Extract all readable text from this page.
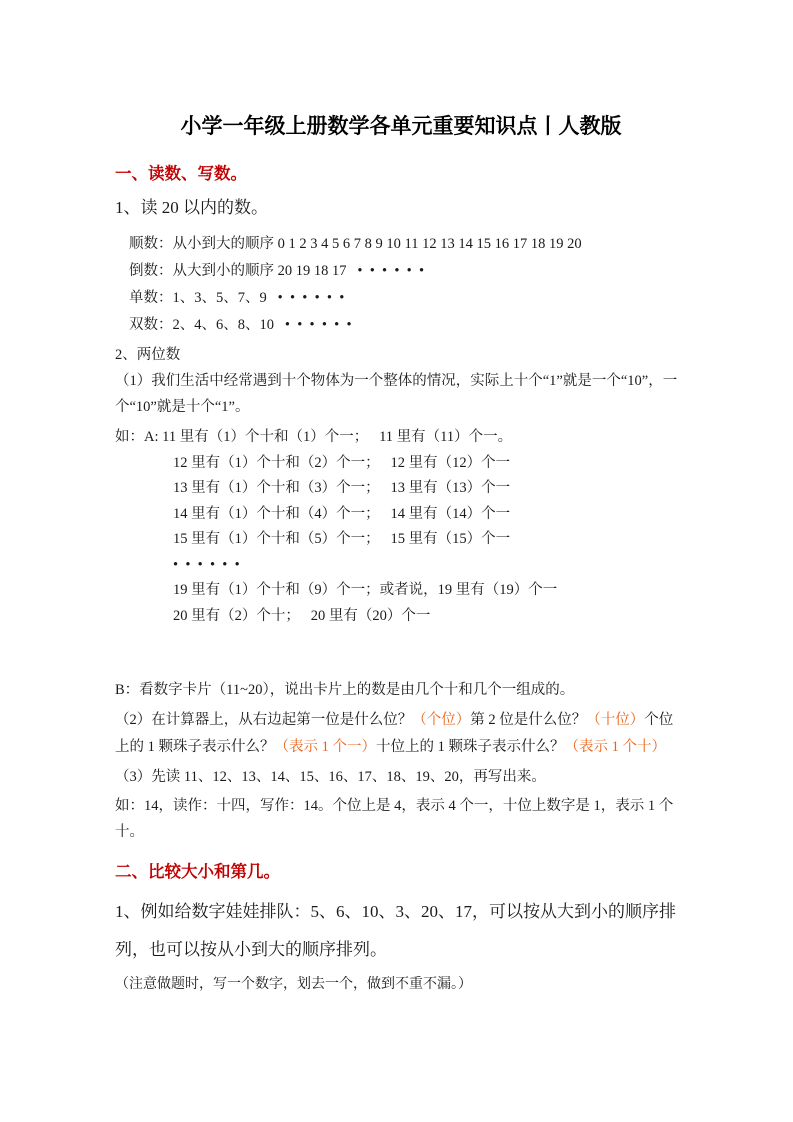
小学一年级上册数学各单元重要知识点丨人教版
一、读数、写数。

1、读 20 以内的数。

顺数：从小到大的顺序 0 1 2 3 4 5 6 7 8 9 10 11 12 13 14 15 16 17 18 19 20

倒数：从大到小的顺序 20 19 18 17   •  •  •  •  •  •

单数：1、3、5、7、9   •  •  •  •  •  •

双数：2、4、6、8、10   •  •  •  •  •  •

2、两位数

（1）我们生活中经常遇到十个物体为一个整体的情况，实际上十个“1”就是一个“10”，一个“10”就是十个“1”。

如：A: 11 里有（1）个十和（1）个一；   11 里有（11）个一。

12 里有（1）个十和（2）个一；   12 里有（12）个一

13 里有（1）个十和（3）个一；   13 里有（13）个一

14 里有（1）个十和（4）个一；   14 里有（14）个一

15 里有（1）个十和（5）个一；   15 里有（15）个一

•  •  •  •  •  •

19 里有（1）个十和（9）个一；或者说，19 里有（19）个一

20 里有（2）个十；   20 里有（20）个一

B：看数字卡片（11~20），说出卡片上的数是由几个十和几个一组成的。

（2）在计算器上，从右边起第一位是什么位？（个位）第 2 位是什么位？（十位）个位上的 1 颗珠子表示什么？（表示 1 个一）十位上的 1 颗珠子表示什么？（表示 1 个十）

（3）先读 11、12、13、14、15、16、17、18、19、20，再写出来。

如：14，读作：十四，写作：14。个位上是 4，表示 4 个一，十位上数字是 1，表示 1 个十。

二、比较大小和第几。

1、例如给数字娃娃排队：5、6、10、3、20、17，可以按从大到小的顺序排列，也可以按从小到大的顺序排列。

（注意做题时，写一个数字，划去一个，做到不重不漏。）
